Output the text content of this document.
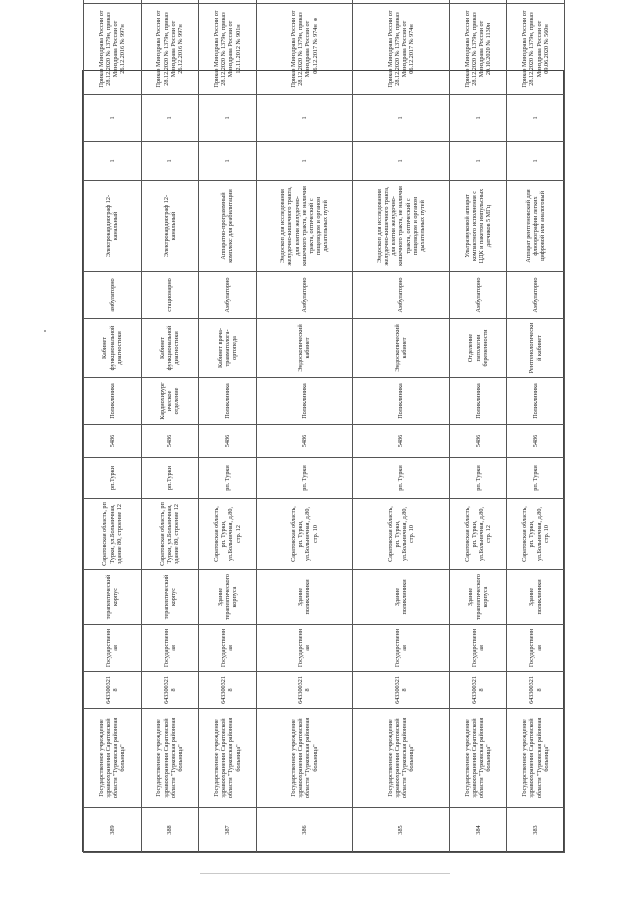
389	Государственное учреждение здравоохранения Саратовской области "Турковская районная больница"	6433003218	Государственная	терапевтический корпус	Саратовская область, рп Турки, ул.Больничная, здание 80, строение 12	рп.Турки	5486	Поликлиника	Кабинет функциональной диагностики	амбулаторно	Электрокардиограф 12-канальный	1	1	Приказ Минздрава России от 28.12.2020 № 1379н, приказ Минздрава России от 26.12.2016 № 997н	
388	Государственное учреждение здравоохранения Саратовской области "Турковская районная больница"	6433003218	Государственная	терапевтический корпус	Саратовская область, рп Турки, ул.Больничная, здание 80, строение 12	рп.Турки	5486	Кардиохирургическое отделение	Кабинет функциональной диагностики	стационарно	Электрокардиограф 12-канальный	1	1	Приказ Минздрава России от 28.12.2020 № 1379н, приказ Минздрава России от 26.12.2016 № 997н	
387	Государственное учреждение здравоохранения Саратовской области "Турковская районная больница"	6433003218	Государственная	Здание терапевтического корпуса	Саратовская область, рп. Турки, ул.Больничная, д.80, стр. 12	рп. Турки	5486	Поликлиника	Кабинет врача-травматолога-ортопеда	Амбулаторно	Аппаратно-программный комплекс для реабилитации	1	1	Приказ Минздрава России от 28.12.2020 № 1379н, приказ Минздрава России от 12.11.2012 № 901н	
386	Государственное учреждение здравоохранения Саратовской области "Турковская районная больница"	6433003218	Государственная	Здание поликлиники	Саратовская область, рп. Турки, ул.Больничная, д.80, стр. 10	рп. Турки	5486	Поликлиника	Эндоскопический кабинет	Амбулаторно	Эндоскоп для исследования желудочно-кишечного тракта, для взятия желудочно-кишечного тракта, не наличия тракта, оптический с пищеводом и органом дыхательных путей	1	1	Приказ Минздрава России от 28.12.2020 № 1379н, приказ Минздрава России от 06.12.2017 № 974н	
385	Государственное учреждение здравоохранения Саратовской области "Турковская районная больница"	6433003218	Государственная	Здание поликлиники	Саратовская область, рп. Турки, ул.Больничная, д.80, стр. 10	рп. Турки	5486	Поликлиника	Эндоскопический кабинет	Амбулаторно	Эндоскоп для исследования желудочно-кишечного тракта, для взятия желудочно-кишечного тракта, не наличия тракта, оптический с пищеводом и органом дыхательных путей	1	1	Приказ Минздрава России от 28.12.2020 № 1379н, приказ Минздрава России от 06.12.2017 № 974н	
384	Государственное учреждение здравоохранения Саратовской области "Турковская районная больница"	6433003218	Государственная	Здание терапевтического корпуса	Саратовская область, рп. Турки, ул.Больничная, д.80, стр. 12	рп. Турки	5486	Поликлиника	Отделение патологии беременности	Амбулаторно	Ультразвуковой аппарат компактного исполнения с ЦДК и пакетом импульсных датчиков 5 МГц	1	1	Приказ Минздрава России от 28.12.2020 № 1379н, приказ Минздрава России от 20.10.2020 № 1130н	
383	Государственное учреждение здравоохранения Саратовской области "Турковская районная больница"	6433003218	Государственная	Здание поликлиники	Саратовская область, рп. Турки, ул.Больничная, д.80, стр. 10	рп. Турки	5486	Поликлиника	Рентгенологический кабинет	Амбулаторно	Аппарат рентгеновский для флюорографии легких цифровой или аналоговый	1	1	Приказ Минздрава России от 28.12.2020 № 1379н, приказ Минздрава России от 09.06.2020 № 560н	
